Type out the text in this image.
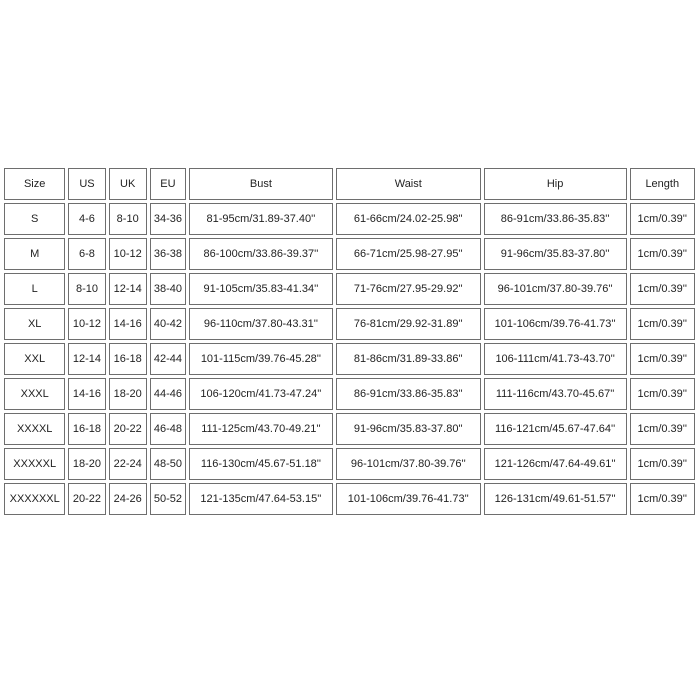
Size	US	UK	EU	Bust	Waist	Hip	Length
S	4-6	8-10	34-36	81-95cm/31.89-37.40''	61-66cm/24.02-25.98''	86-91cm/33.86-35.83''	1cm/0.39''
M	6-8	10-12	36-38	86-100cm/33.86-39.37''	66-71cm/25.98-27.95''	91-96cm/35.83-37.80''	1cm/0.39''
L	8-10	12-14	38-40	91-105cm/35.83-41.34''	71-76cm/27.95-29.92''	96-101cm/37.80-39.76''	1cm/0.39''
XL	10-12	14-16	40-42	96-110cm/37.80-43.31''	76-81cm/29.92-31.89''	101-106cm/39.76-41.73''	1cm/0.39''
XXL	12-14	16-18	42-44	101-115cm/39.76-45.28''	81-86cm/31.89-33.86''	106-111cm/41.73-43.70''	1cm/0.39''
XXXL	14-16	18-20	44-46	106-120cm/41.73-47.24''	86-91cm/33.86-35.83''	111-116cm/43.70-45.67''	1cm/0.39''
XXXXL	16-18	20-22	46-48	111-125cm/43.70-49.21''	91-96cm/35.83-37.80''	116-121cm/45.67-47.64''	1cm/0.39''
XXXXXL	18-20	22-24	48-50	116-130cm/45.67-51.18''	96-101cm/37.80-39.76''	121-126cm/47.64-49.61''	1cm/0.39''
XXXXXXL	20-22	24-26	50-52	121-135cm/47.64-53.15''	101-106cm/39.76-41.73''	126-131cm/49.61-51.57''	1cm/0.39''
